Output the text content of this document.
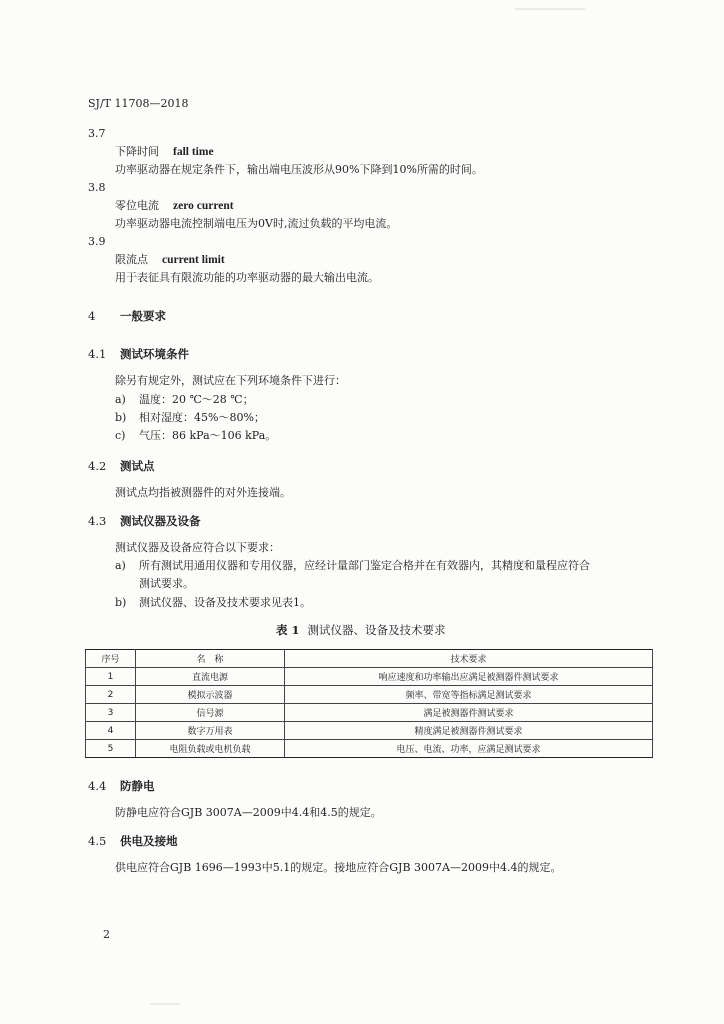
SJ/T 11708—2018
3.7
下降时间 fall time
功率驱动器在规定条件下，输出端电压波形从90%下降到10%所需的时间。
3.8
零位电流 zero current
功率驱动器电流控制端电压为0V时,流过负载的平均电流。
3.9
限流点 current limit
用于表征具有限流功能的功率驱动器的最大输出电流。
4 一般要求
4.1 测试环境条件
除另有规定外，测试应在下列环境条件下进行：
a) 温度：20 ℃～28 ℃；
b) 相对湿度：45%～80%；
c) 气压：86 kPa～106 kPa。
4.2 测试点
测试点均指被测器件的对外连接端。
4.3 测试仪器及设备
测试仪器及设备应符合以下要求：
a) 所有测试用通用仪器和专用仪器，应经计量部门鉴定合格并在有效器内，其精度和量程应符合
测试要求。
b) 测试仪器、设备及技术要求见表1。
表 1 测试仪器、设备及技术要求
序号	名　称	技术要求
1	直流电源	响应速度和功率输出应满足被测器件测试要求
2	模拟示波器	频率、带宽等指标满足测试要求
3	信号源	满足被测器件测试要求
4	数字万用表	精度满足被测器件测试要求
5	电阻负载或电机负载	电压、电流、功率，应满足测试要求
4.4 防静电
防静电应符合GJB 3007A—2009中4.4和4.5的规定。
4.5 供电及接地
供电应符合GJB 1696—1993中5.1的规定。接地应符合GJB 3007A—2009中4.4的规定。
2
